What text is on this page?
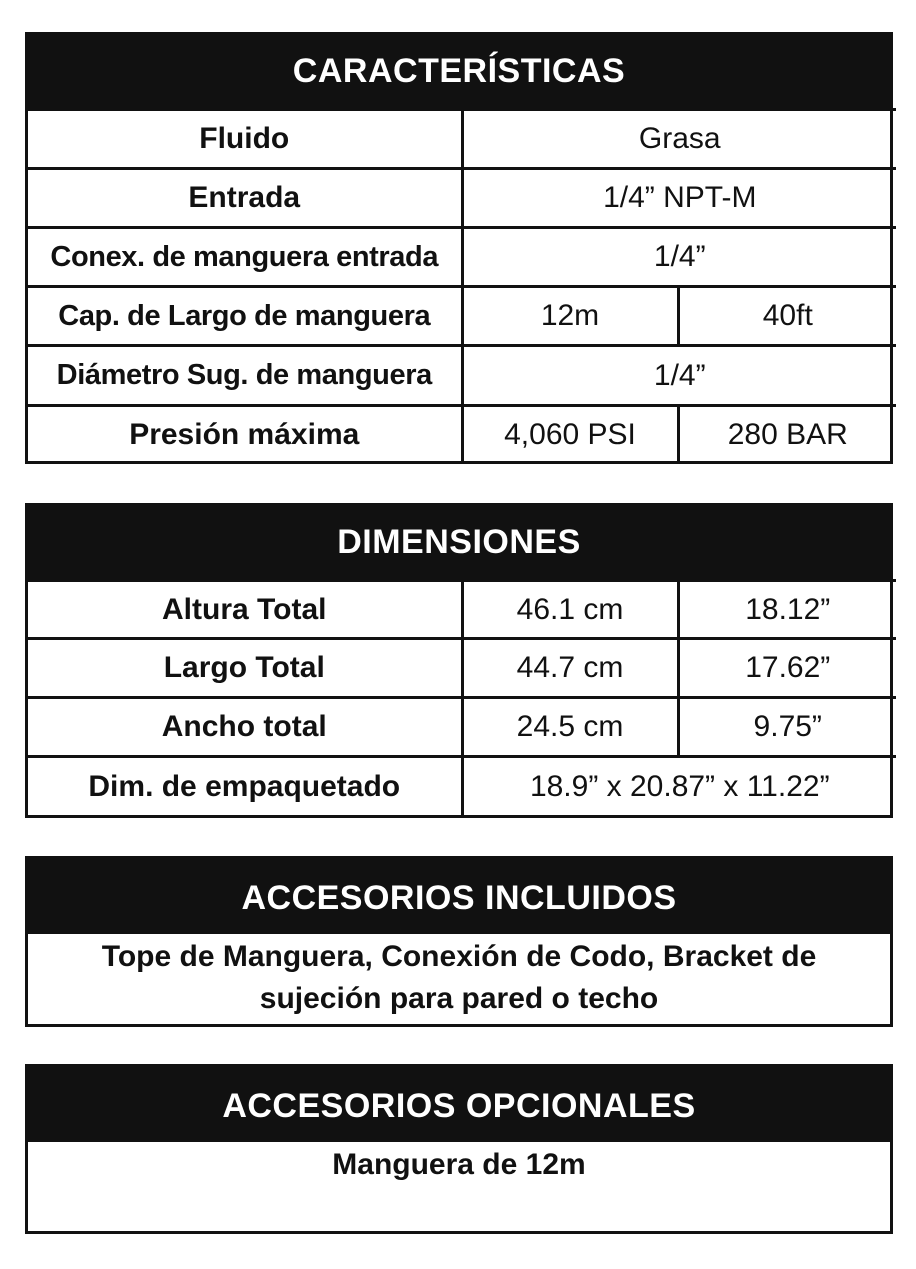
CARACTERÍSTICAS
Fluido	Grasa	
Entrada	1/4” NPT-M	
Conex. de manguera entrada	1/4”	
Cap. de Largo de manguera	12m	40ft
Diámetro Sug. de manguera	1/4”	
Presión máxima	4,060 PSI	280 BAR
DIMENSIONES
Altura Total	46.1 cm	18.12”
Largo Total	44.7 cm	17.62”
Ancho total	24.5 cm	9.75”
Dim. de empaquetado	18.9” x 20.87” x 11.22”	
ACCESORIOS INCLUIDOS
Tope de Manguera, Conexión de Codo, Bracket de
sujeción para pared o techo
ACCESORIOS OPCIONALES
Manguera de 12m
